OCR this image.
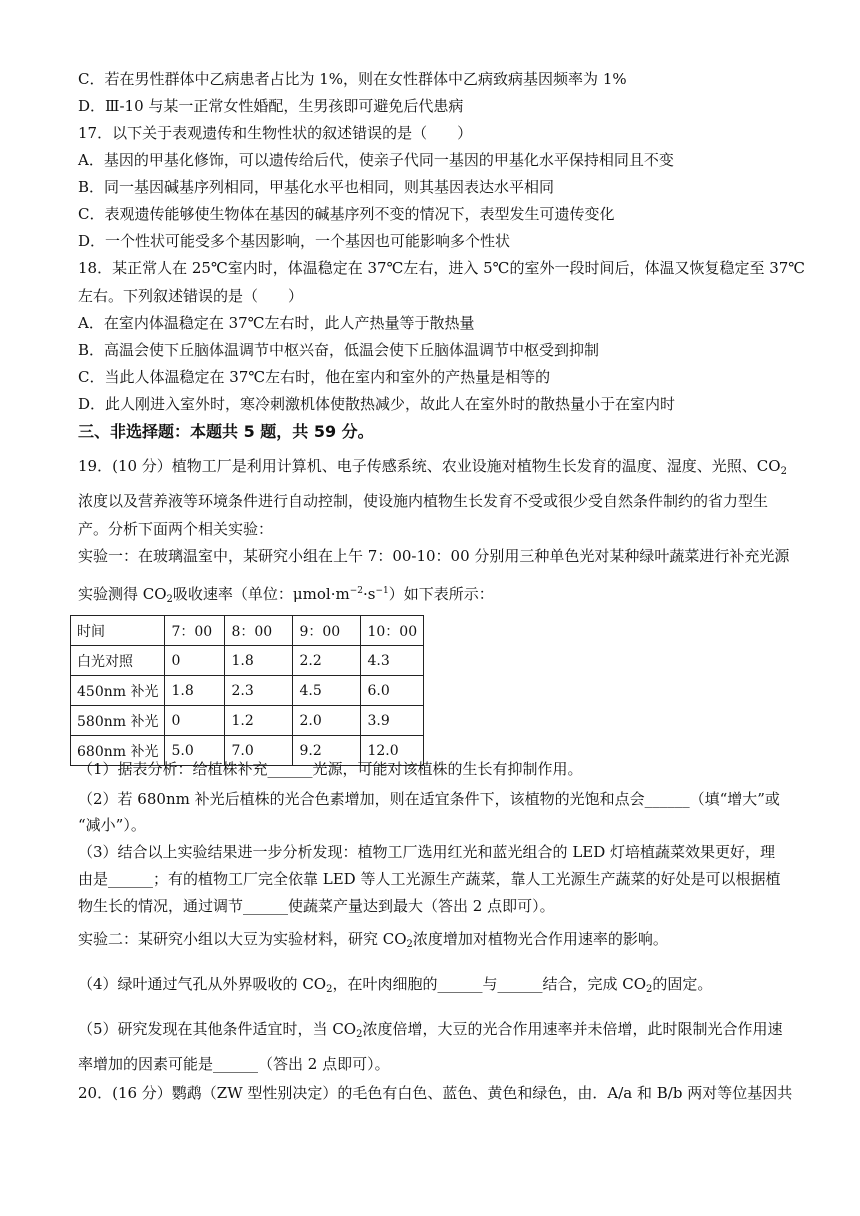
C．若在男性群体中乙病患者占比为 1%，则在女性群体中乙病致病基因频率为 1%
D．Ⅲ-10 与某一正常女性婚配，生男孩即可避免后代患病
17．以下关于表观遗传和生物性状的叙述错误的是（　　）
A．基因的甲基化修饰，可以遗传给后代，使亲子代同一基因的甲基化水平保持相同且不变
B．同一基因碱基序列相同，甲基化水平也相同，则其基因表达水平相同
C．表观遗传能够使生物体在基因的碱基序列不变的情况下，表型发生可遗传变化
D．一个性状可能受多个基因影响，一个基因也可能影响多个性状
18．某正常人在 25℃室内时，体温稳定在 37℃左右，进入 5℃的室外一段时间后，体温又恢复稳定至 37℃
左右。下列叙述错误的是（　　）
A．在室内体温稳定在 37℃左右时，此人产热量等于散热量
B．高温会使下丘脑体温调节中枢兴奋，低温会使下丘脑体温调节中枢受到抑制
C．当此人体温稳定在 37℃左右时，他在室内和室外的产热量是相等的
D．此人刚进入室外时，寒冷刺激机体使散热减少，故此人在室外时的散热量小于在室内时
三、非选择题：本题共 5 题，共 59 分。
19．(10 分）植物工厂是利用计算机、电子传感系统、农业设施对植物生长发育的温度、湿度、光照、$CO_2$
浓度以及营养液等环境条件进行自动控制，使设施内植物生长发育不受或很少受自然条件制约的省力型生
产。分析下面两个相关实验：
实验一：在玻璃温室中，某研究小组在上午 7：00-10：00 分别用三种单色光对某种绿叶蔬菜进行补充光源
实验测得 $CO_2$吸收速率（单位：$\mu mol\cdot m^{-2}\cdot s^{-1}$）如下表所示：
时间	7：00	8：00	9：00	10：00
白光对照	0	1.8	2.2	4.3
450nm 补光	1.8	2.3	4.5	6.0
580nm 补光	0	1.2	2.0	3.9
680nm 补光	5.0	7.0	9.2	12.0
（1）据表分析：给植株补充______光源，可能对该植株的生长有抑制作用。
（2）若 680nm 补光后植株的光合色素增加，则在适宜条件下，该植物的光饱和点会______（填“增大”或
“减小”）。
（3）结合以上实验结果进一步分析发现：植物工厂选用红光和蓝光组合的 LED 灯培植蔬菜效果更好，理
由是______；有的植物工厂完全依靠 LED 等人工光源生产蔬菜，靠人工光源生产蔬菜的好处是可以根据植
物生长的情况，通过调节______使蔬菜产量达到最大（答出 2 点即可）。
实验二：某研究小组以大豆为实验材料，研究 $CO_2$浓度增加对植物光合作用速率的影响。
（4）绿叶通过气孔从外界吸收的 $CO_2$，在叶肉细胞的______与______结合，完成 $CO_2$的固定。
（5）研究发现在其他条件适宜时，当 $CO_2$浓度倍增，大豆的光合作用速率并未倍增，此时限制光合作用速
率增加的因素可能是______（答出 2 点即可）。
20．(16 分）鹦鹉（ZW 型性别决定）的毛色有白色、蓝色、黄色和绿色，由．A/a 和 B/b 两对等位基因共
